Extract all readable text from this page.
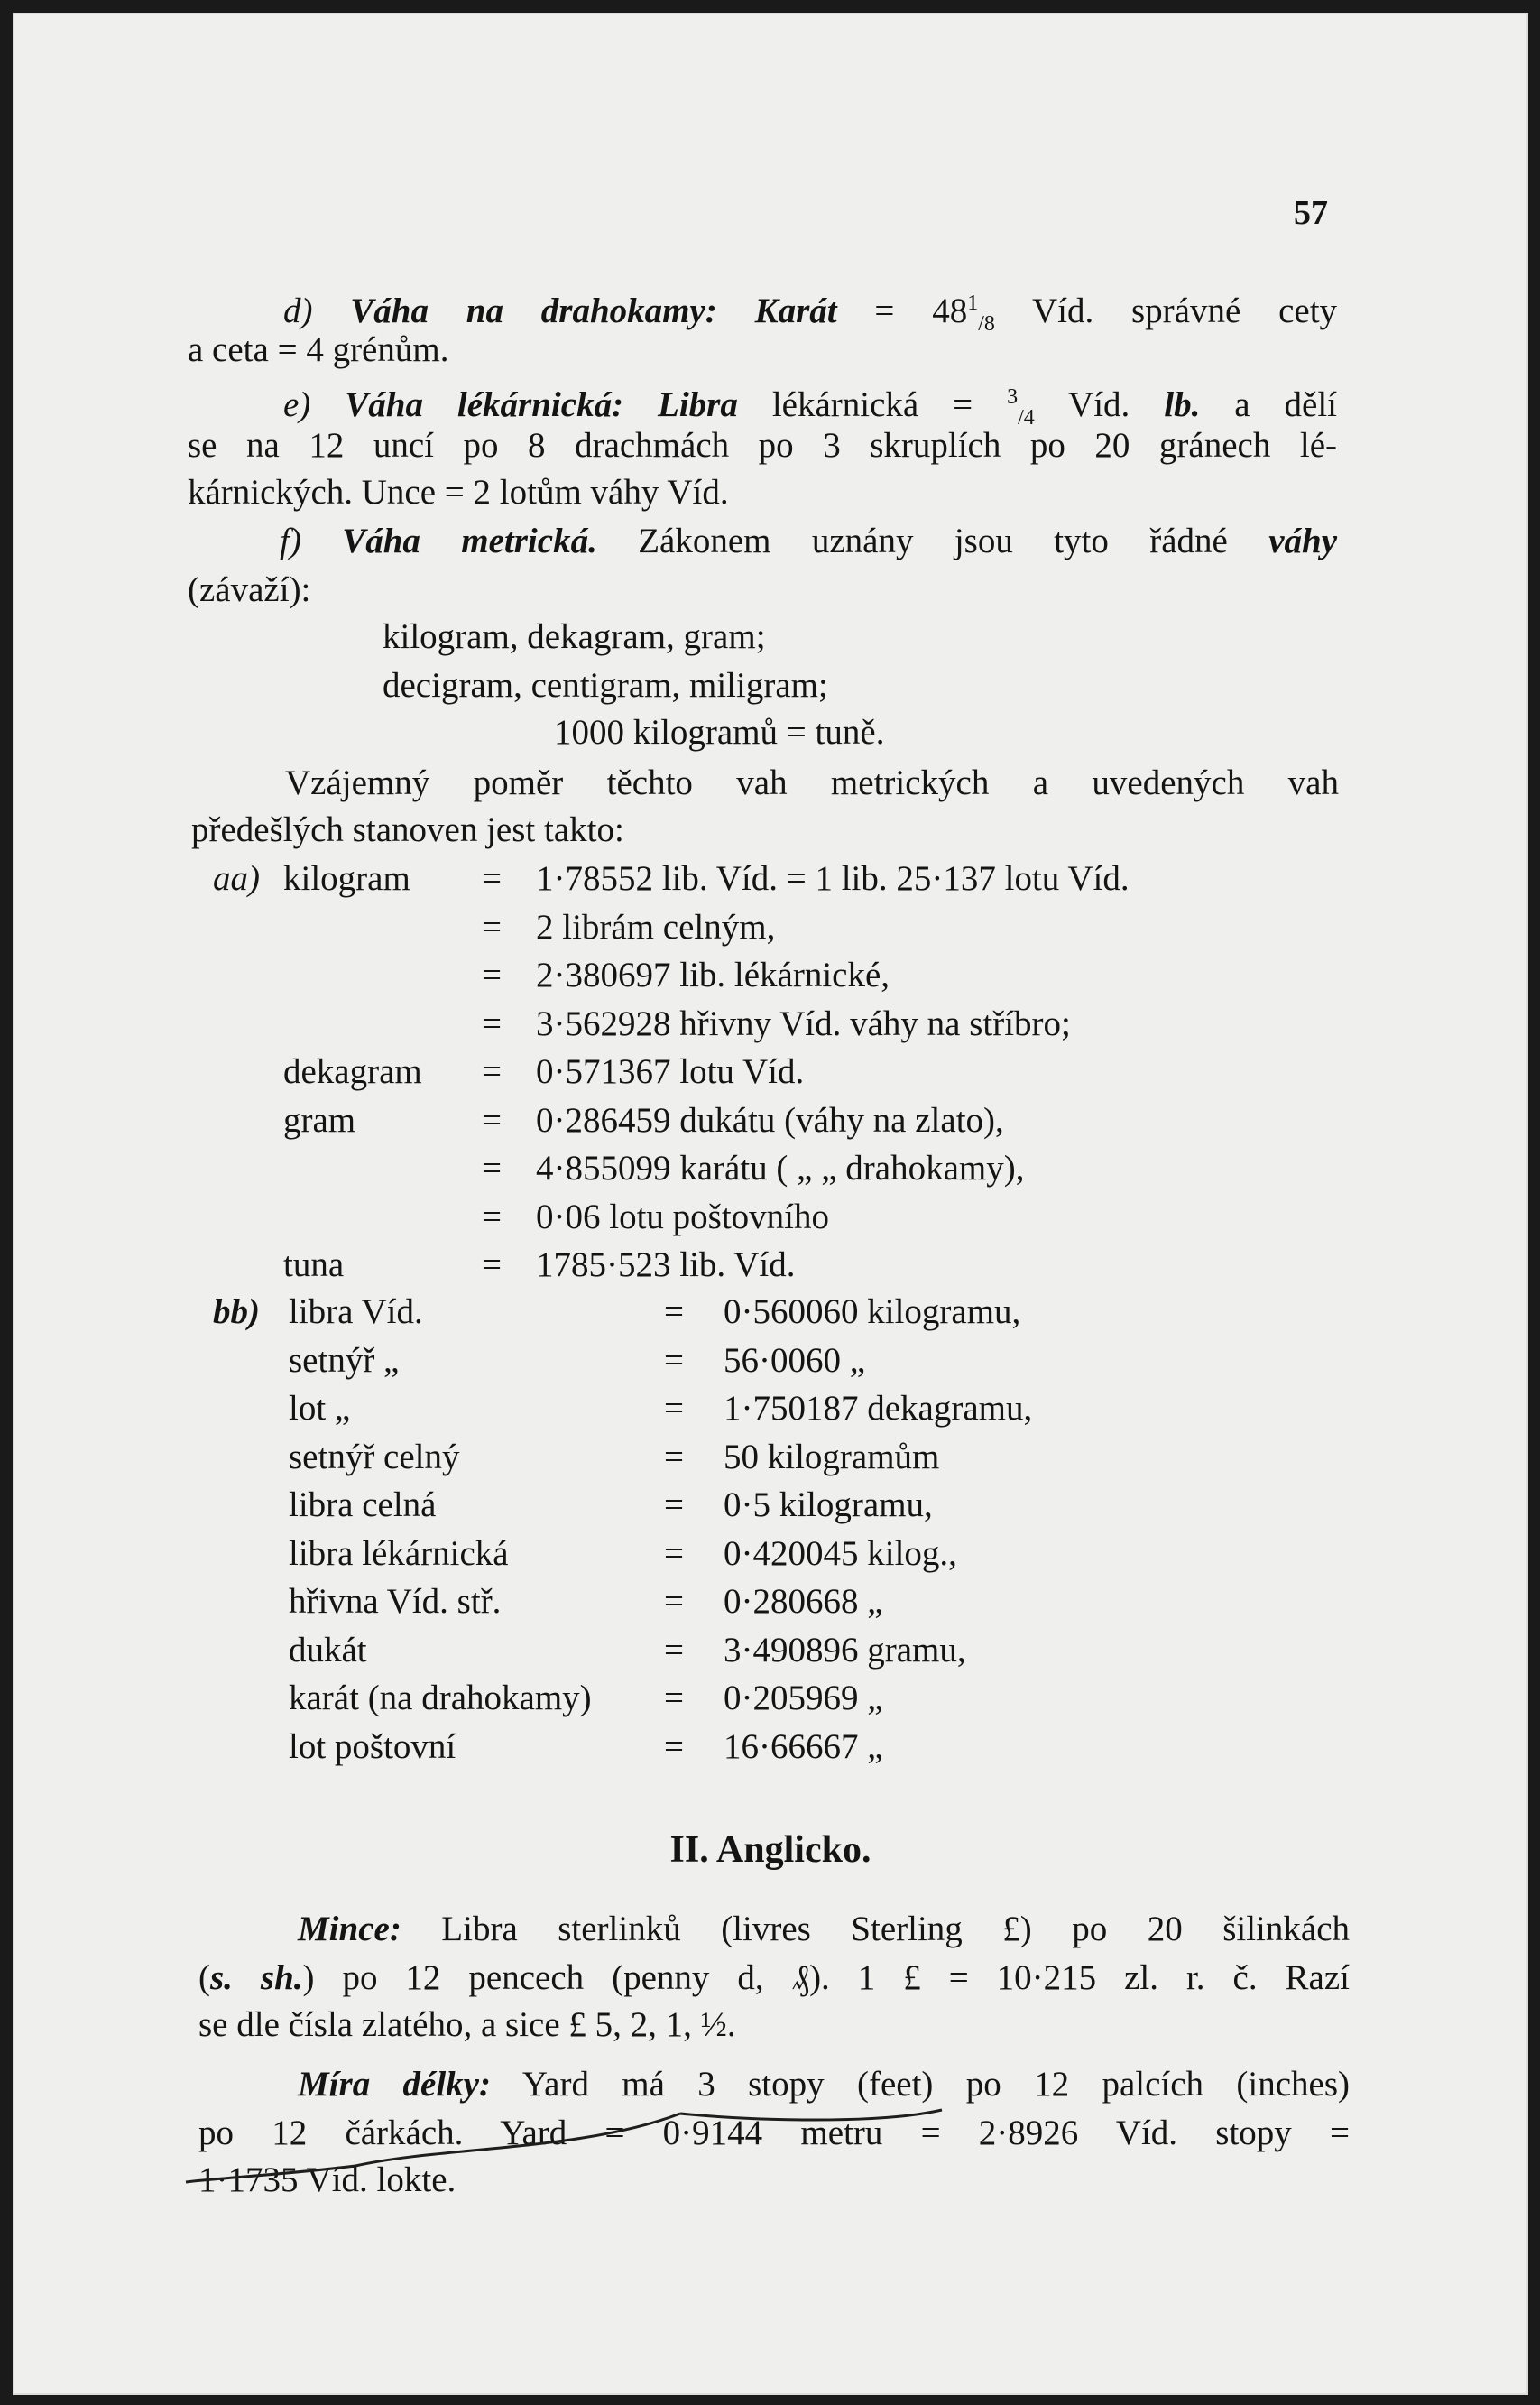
57
d) Váha na drahokamy: Karát = $48^1_{/8}$ Víd. správné cety
a ceta = 4 grénům.
e) Váha lékárnická: Libra lékárnická = $^3_{/4}$ Víd. lb. a dělí
se na 12 uncí po 8 drachmách po 3 skruplích po 20 gránech lé-
kárnických. Unce = 2 lotům váhy Víd.
f) Váha metrická. Zákonem uznány jsou tyto řádné váhy
(závaží):
kilogram, dekagram, gram;
decigram, centigram, miligram;
1000 kilogramů = tuně.
Vzájemný poměr těchto vah metrických a uvedených vah
předešlých stanoven jest takto:
aa) kilogram = 1·78552 lib. Víd. = 1 lib. 25·137 lotu Víd.
= 2 librám celným,
= 2·380697 lib. lékárnické,
= 3·562928 hřivny Víd. váhy na stříbro;
dekagram = 0·571367 lotu Víd.
gram	= 0·286459 dukátu (váhy na zlato),
= 4·855099 karátu ( „ „ drahokamy),
= 0·06 lotu poštovního
tuna	= 1785·523 lib. Víd.
bb) libra Víd.	= 0·560060 kilogramu,
setnýř „	= 56·0060 „
lot „	= 1·750187 dekagramu,
setnýř celný	= 50 kilogramům
libra celná	= 0·5 kilogramu,
libra lékárnická	= 0·420045 kilog.,
hřivna Víd. stř.	= 0·280668 „
dukát	= 3·490896 gramu,
karát (na drahokamy) = 0·205969 „
lot poštovní	= 16·66667 „
II. Anglicko.
Mince: Libra sterlinků (livres Sterling £) po 20 šilinkách
(s. sh.) po 12 pencech (penny d, ₰). 1 £ = 10·215 zl. r. č. Razí
se dle čísla zlatého, a sice £ 5, 2, 1, ½.
Míra délky: Yard má 3 stopy (feet) po 12 palcích (inches)
po 12 čárkách. Yard = 0·9144 metru = 2·8926 Víd. stopy =
1·1735 Víd. lokte.
